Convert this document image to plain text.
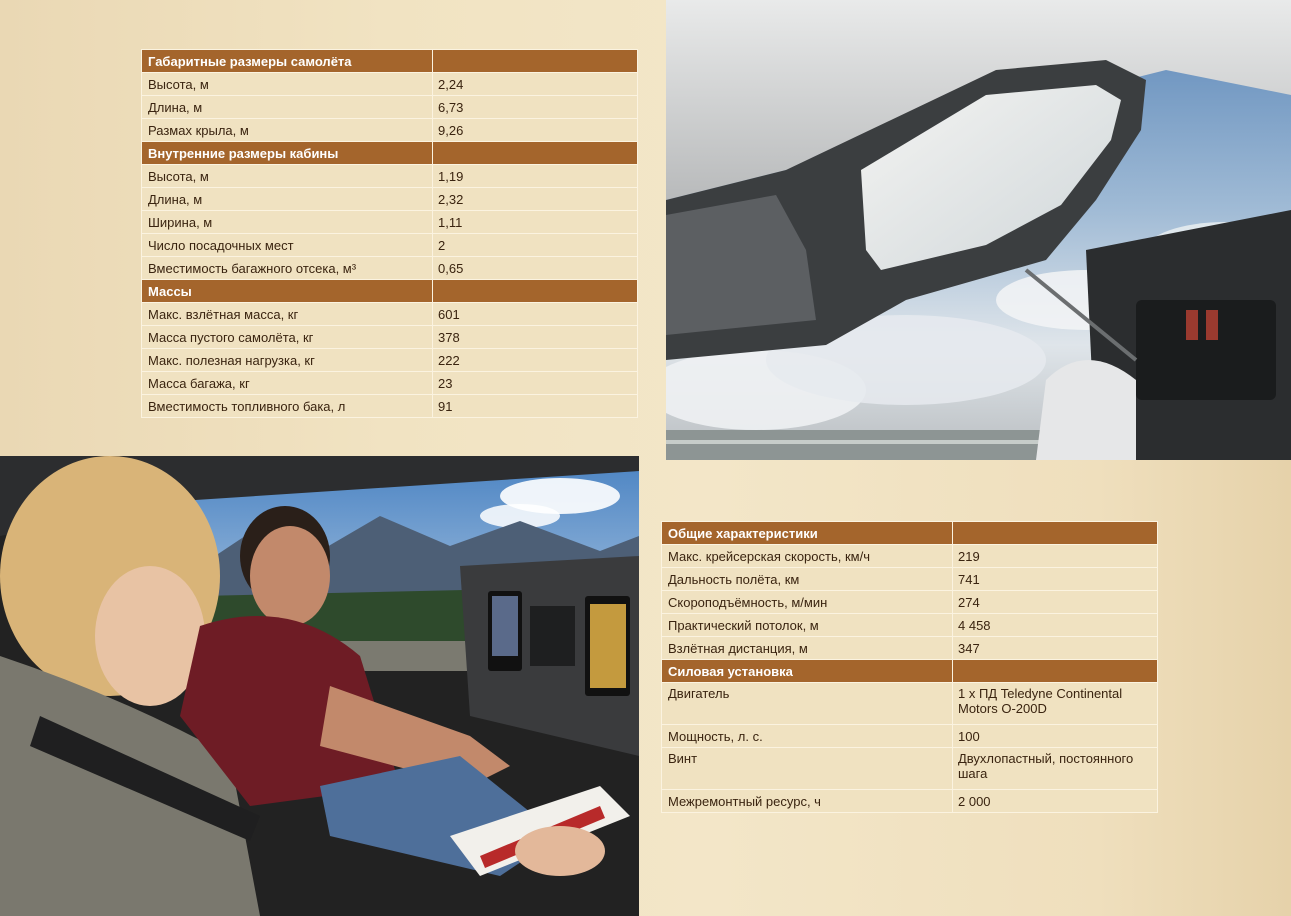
Габаритные размеры самолёта	
Высота, м	2,24
Длина, м	6,73
Размах крыла, м	9,26
Внутренние размеры кабины	
Высота, м	1,19
Длина, м	2,32
Ширина, м	1,11
Число посадочных мест	2
Вместимость багажного отсека, м³	0,65
Массы	
Макс. взлётная масса, кг	601
Масса пустого самолёта, кг	378
Макс. полезная нагрузка, кг	222
Масса багажа, кг	23
Вместимость топливного бака, л	91
Общие характеристики	
Макс. крейсерская скорость, км/ч	219
Дальность полёта, км	741
Скороподъёмность, м/мин	274
Практический потолок, м	4 458
Взлётная дистанция, м	347
Силовая установка	
Двигатель	1 х ПД Teledyne Continental Motors O-200D
Мощность, л. с.	100
Винт	Двухлопастный, постоянного шага
Межремонтный ресурс, ч	2 000
